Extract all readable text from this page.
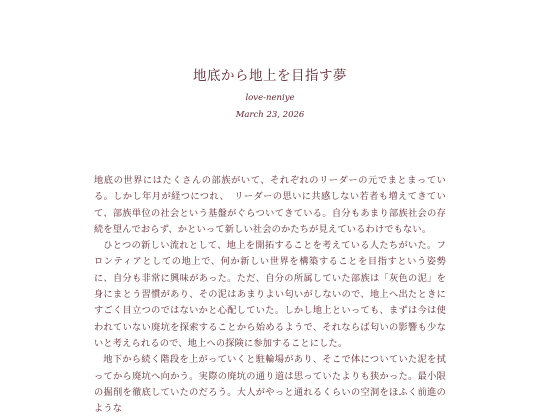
地底から地上を目指す夢
love-neniye
March 23, 2026

地底の世界にはたくさんの部族がいて、それぞれのリーダーの元でまとまっている。しかし年月が経つにつれ、　リーダーの思いに共感しない若者も増えてきていて、部族単位の社会という基盤がぐらついてきている。自分もあまり部族社会の存続を望んでおらず、かといって新しい社会のかたちが見えているわけでもない。

ひとつの新しい流れとして、地上を開拓することを考えている人たちがいた。フロンティアとしての地上で、何か新しい世界を構築することを目指すという姿勢に、自分も非常に興味があった。ただ、自分の所属していた部族は「灰色の泥」を身にまとう習慣があり、その泥はあまりよい匂いがしないので、地上へ出たときにすごく目立つのではないかと心配していた。しかし地上といっても、まずは今は使われていない廃坑を探索することから始めるようで、それならば匂いの影響も少ないと考えられるので、地上への探険に参加することにした。

地下から続く階段を上がっていくと駐輪場があり、そこで体についていた泥を拭ってから廃坑へ向かう。実際の廃坑の通り道は思っていたよりも狭かった。最小限の掘削を徹底していたのだろう。大人がやっと通れるくらいの空洞をほふく前進のような
